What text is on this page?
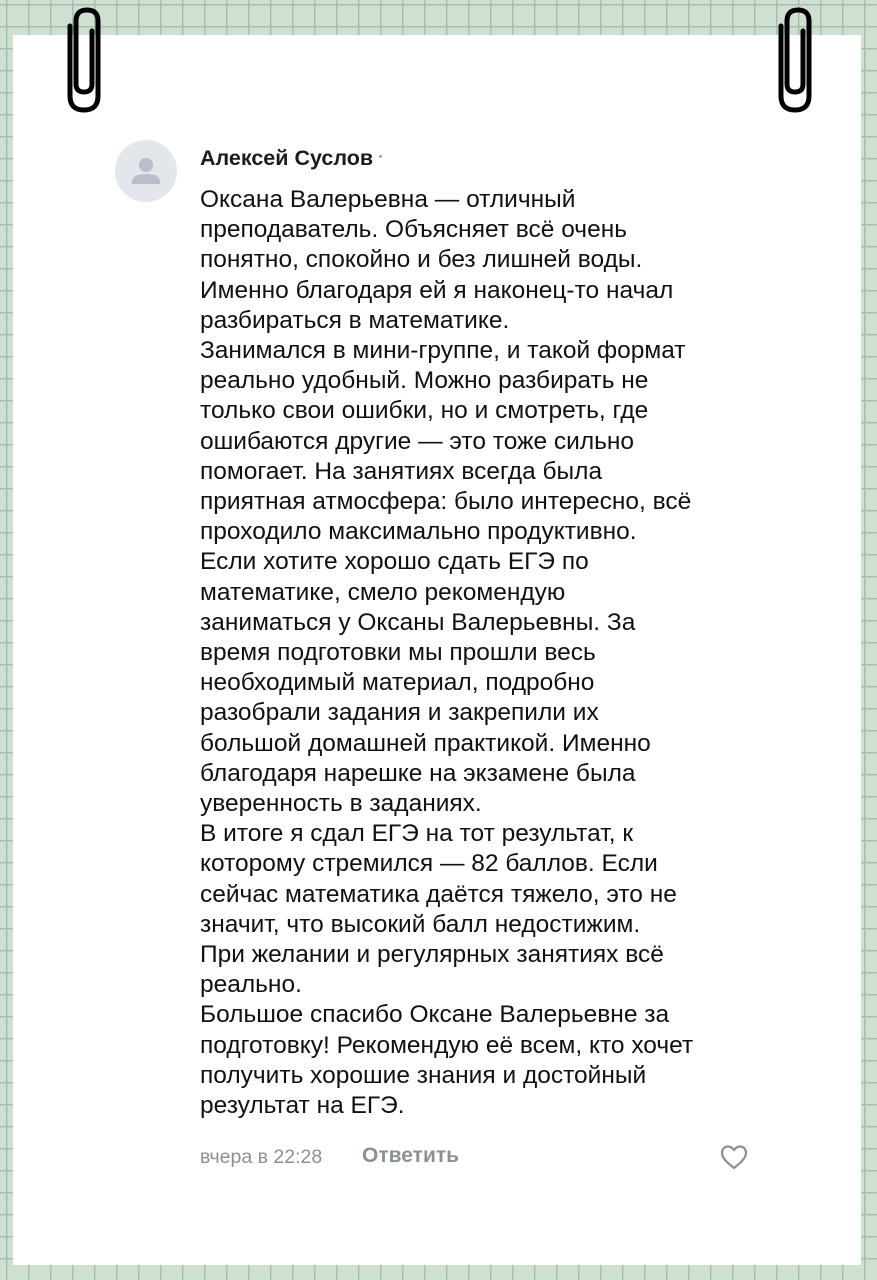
Алексей Суслов
Оксана Валерьевна — отличный
преподаватель. Объясняет всё очень
понятно, спокойно и без лишней воды.
Именно благодаря ей я наконец-то начал
разбираться в математике.
Занимался в мини-группе, и такой формат
реально удобный. Можно разбирать не
только свои ошибки, но и смотреть, где
ошибаются другие — это тоже сильно
помогает. На занятиях всегда была
приятная атмосфера: было интересно, всё
проходило максимально продуктивно.
Если хотите хорошо сдать ЕГЭ по
математике, смело рекомендую
заниматься у Оксаны Валерьевны. За
время подготовки мы прошли весь
необходимый материал, подробно
разобрали задания и закрепили их
большой домашней практикой. Именно
благодаря нарешке на экзамене была
уверенность в заданиях.
В итоге я сдал ЕГЭ на тот результат, к
которому стремился — 82 баллов. Если
сейчас математика даётся тяжело, это не
значит, что высокий балл недостижим.
При желании и регулярных занятиях всё
реально.
Большое спасибо Оксане Валерьевне за
подготовку! Рекомендую её всем, кто хочет
получить хорошие знания и достойный
результат на ЕГЭ.
вчера в 22:28 Ответить
